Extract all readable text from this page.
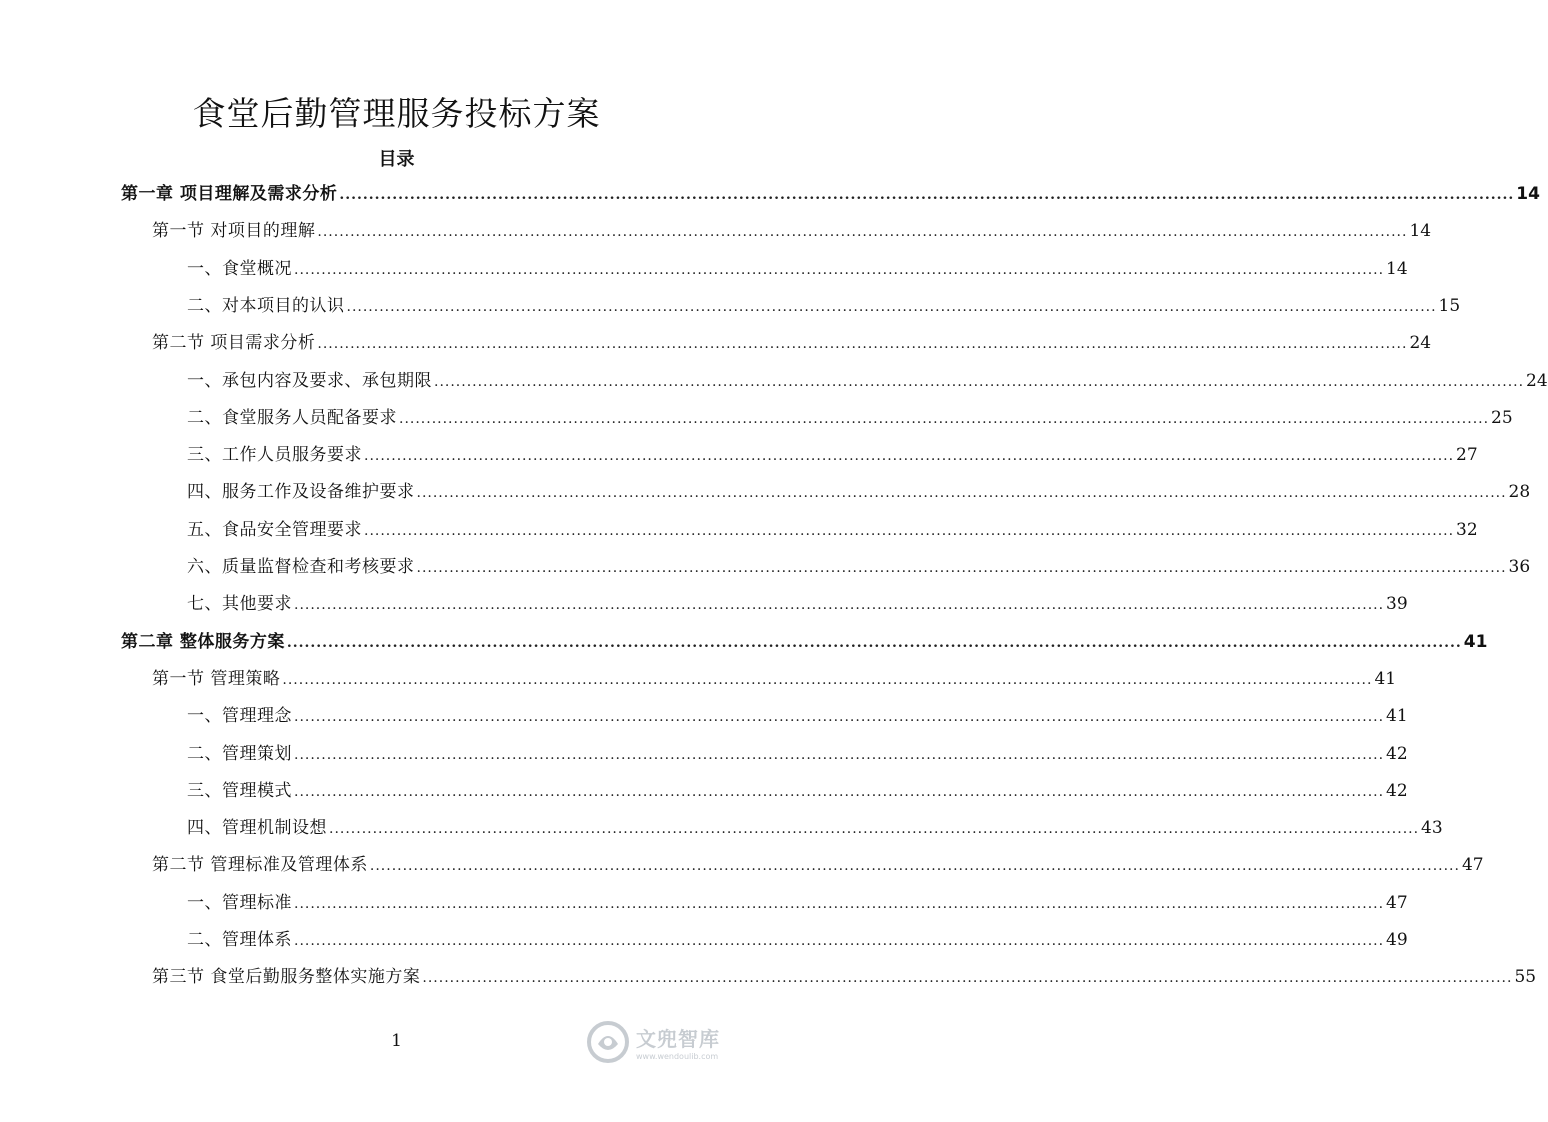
食堂后勤管理服务投标方案
目录
第一章 项目理解及需求分析 ........................................................................................................................................................................................................ 14
第一节 对项目的理解 ........................................................................................................................................................................................................ 14
一、食堂概况 ........................................................................................................................................................................................................ 14
二、对本项目的认识 ........................................................................................................................................................................................................ 15
第二节 项目需求分析 ........................................................................................................................................................................................................ 24
一、承包内容及要求、承包期限 ........................................................................................................................................................................................................ 24
二、食堂服务人员配备要求 ........................................................................................................................................................................................................ 25
三、工作人员服务要求 ........................................................................................................................................................................................................ 27
四、服务工作及设备维护要求 ........................................................................................................................................................................................................ 28
五、食品安全管理要求 ........................................................................................................................................................................................................ 32
六、质量监督检查和考核要求 ........................................................................................................................................................................................................ 36
七、其他要求 ........................................................................................................................................................................................................ 39
第二章 整体服务方案 ........................................................................................................................................................................................................ 41
第一节 管理策略 ........................................................................................................................................................................................................ 41
一、管理理念 ........................................................................................................................................................................................................ 41
二、管理策划 ........................................................................................................................................................................................................ 42
三、管理模式 ........................................................................................................................................................................................................ 42
四、管理机制设想 ........................................................................................................................................................................................................ 43
第二节 管理标准及管理体系 ........................................................................................................................................................................................................ 47
一、管理标准 ........................................................................................................................................................................................................ 47
二、管理体系 ........................................................................................................................................................................................................ 49
第三节 食堂后勤服务整体实施方案 ........................................................................................................................................................................................................ 55
1	文兜智库
www.wendoulib.com
